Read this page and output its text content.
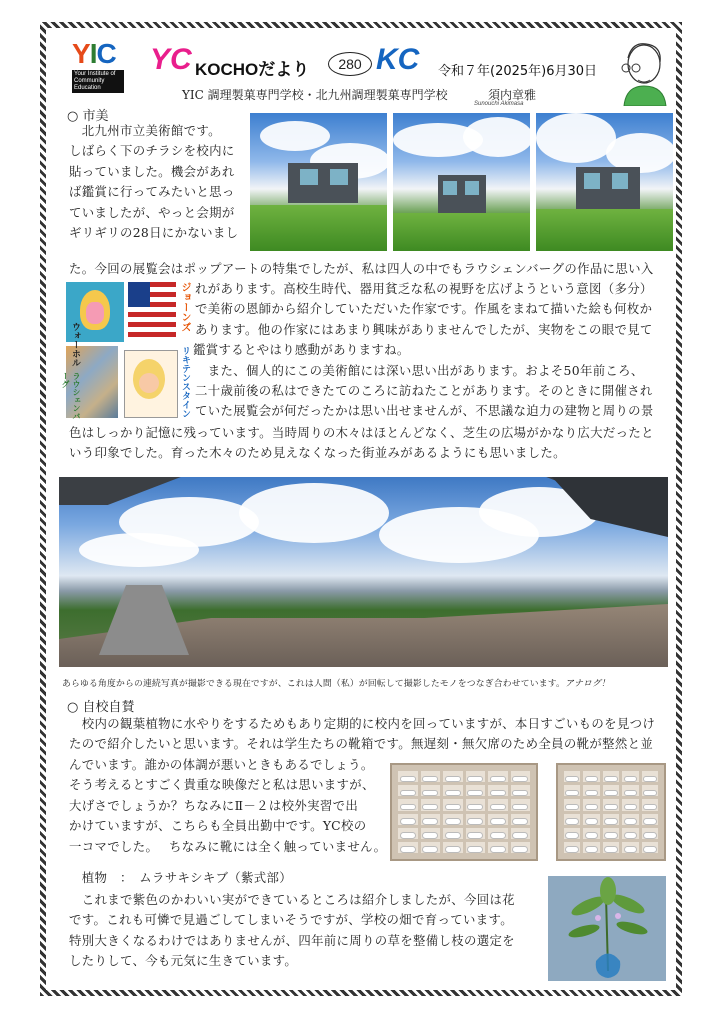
YIC
Your Institute of Community Education
YC KOCHOだより	280 KC 令和７年(2025年)6月30日
YIC 調理製菓専門学校・北九州調理製菓専門学校	須内章雅
Sunouchi Akimasa
○ 市美
　北九州市立美術館です。
しばらく下のチラシを校内に
貼っていました。機会があれ
ば鑑賞に行ってみたいと思っ
ていましたが、やっと会期が
ギリギリの28日にかないまし
た。今回の展覧会はポップアートの特集でしたが、私は四人の中でもラウシェンバーグの作品に思い入
ウォーホル
ジョーンズ
ラウシェンバーグ	リキテンスタイン
れがあります。高校生時代、器用貧乏な私の視野を広げようという意図（多分）
で美術の恩師から紹介していただいた作家です。作風をまねて描いた絵も何枚か
あります。他の作家にはあまり興味がありませんでしたが、実物をこの眼で見て
鑑賞するとやはり感動がありますね。
　また、個人的にこの美術館には深い思い出があります。およそ50年前ころ、
二十歳前後の私はできたてのころに訪ねたことがあります。そのときに開催され
ていた展覧会が何だったかは思い出せませんが、不思議な迫力の建物と周りの景
色はしっかり記憶に残っています。当時周りの木々はほとんどなく、芝生の広場がかなり広大だったと
いう印象でした。育った木々のため見えなくなった街並みがあるようにも思いました。
あらゆる角度からの連続写真が撮影できる現在ですが、これは人間（私）が回転して撮影したモノをつなぎ合わせています。アナログ！
○ 自校自賛
　校内の観葉植物に水やりをするためもあり定期的に校内を回っていますが、本日すごいものを見つけ
たので紹介したいと思います。それは学生たちの靴箱です。無遅刻・無欠席のため全員の靴が整然と並
んでいます。誰かの体調が悪いときもあるでしょう。
そう考えるとすごく貴重な映像だと私は思いますが、
大げさでしょうか？ちなみにⅡ－２は校外実習で出
かけていますが、こちらも全員出勤中です。YC校の
一コマでした。　 ちなみに靴には全く触っていません。
　植物　：　ムラサキシキブ（紫式部）
　これまで紫色のかわいい実ができているところは紹介しましたが、今回は花
です。これも可憐で見過ごしてしまいそうですが、学校の畑で育っています。
特別大きくなるわけではありませんが、四年前に周りの草を整備し枝の選定を
したりして、今も元気に生きています。
